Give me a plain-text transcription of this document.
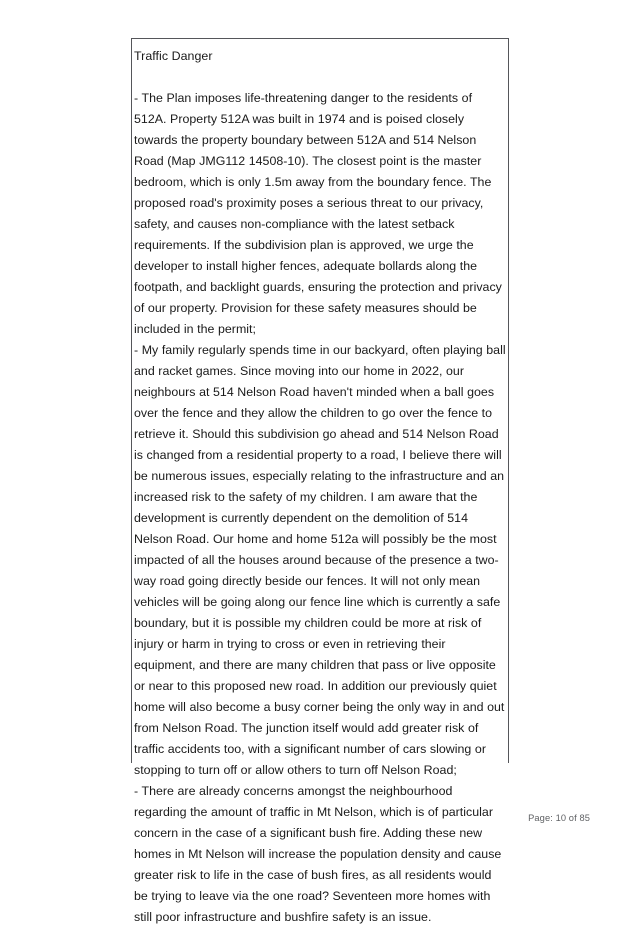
Traffic Danger

- The Plan imposes life-threatening danger to the residents of 512A. Property 512A was built in 1974 and is poised closely towards the property boundary between 512A and 514 Nelson Road (Map JMG112 14508-10). The closest point is the master bedroom, which is only 1.5m away from the boundary fence. The proposed road's proximity poses a serious threat to our privacy, safety, and causes non-compliance with the latest setback requirements. If the subdivision plan is approved, we urge the developer to install higher fences, adequate bollards along the footpath, and backlight guards, ensuring the protection and privacy of our property. Provision for these safety measures should be included in the permit;

- My family regularly spends time in our backyard, often playing ball and racket games. Since moving into our home in 2022, our neighbours at 514 Nelson Road haven't minded when a ball goes over the fence and they allow the children to go over the fence to retrieve it. Should this subdivision go ahead and 514 Nelson Road is changed from a residential property to a road, I believe there will be numerous issues, especially relating to the infrastructure and an increased risk to the safety of my children. I am aware that the development is currently dependent on the demolition of 514 Nelson Road. Our home and home 512a will possibly be the most impacted of all the houses around because of the presence a two-way road going directly beside our fences. It will not only mean vehicles will be going along our fence line which is currently a safe boundary, but it is possible my children could be more at risk of injury or harm in trying to cross or even in retrieving their equipment, and there are many children that pass or live opposite or near to this proposed new road. In addition our previously quiet home will also become a busy corner being the only way in and out from Nelson Road. The junction itself would add greater risk of traffic accidents too, with a significant number of cars slowing or stopping to turn off or allow others to turn off Nelson Road;

- There are already concerns amongst the neighbourhood regarding the amount of traffic in Mt Nelson, which is of particular concern in the case of a significant bush fire. Adding these new homes in Mt Nelson will increase the population density and cause greater risk to life in the case of bush fires, as all residents would be trying to leave via the one road? Seventeen more homes with still poor infrastructure and bushfire safety is an issue.

Page: 10 of 85
